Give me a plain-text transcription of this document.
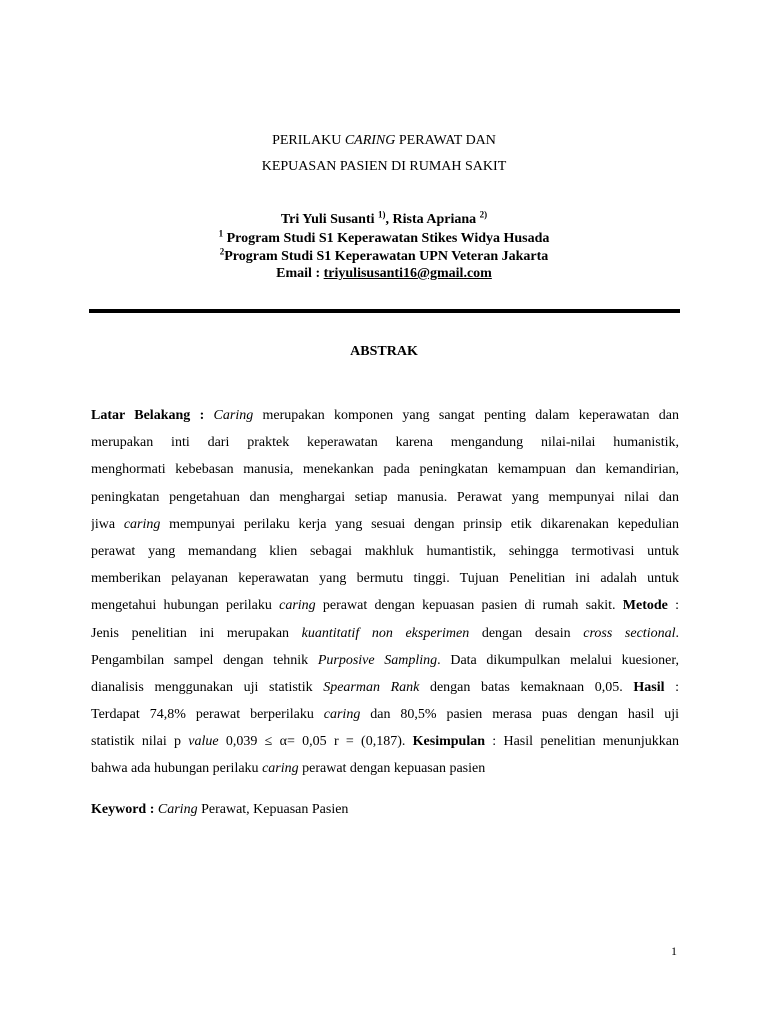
PERILAKU CARING PERAWAT DAN
KEPUASAN PASIEN DI RUMAH SAKIT
Tri Yuli Susanti $^{1)}$, Rista Apriana $^{2)}$
$^1$ Program Studi S1 Keperawatan Stikes Widya Husada
$^2$Program Studi S1 Keperawatan UPN Veteran Jakarta
Email : triyulisusanti16@gmail.com
ABSTRAK
Latar Belakang : Caring merupakan komponen yang sangat penting dalam keperawatan dan
merupakan inti dari praktek keperawatan karena mengandung nilai-nilai humanistik,
menghormati kebebasan manusia, menekankan pada peningkatan kemampuan dan kemandirian,
peningkatan pengetahuan dan menghargai setiap manusia. Perawat yang mempunyai nilai dan
jiwa caring mempunyai perilaku kerja yang sesuai dengan prinsip etik dikarenakan kepedulian
perawat yang memandang klien sebagai makhluk humantistik, sehingga termotivasi untuk
memberikan pelayanan keperawatan yang bermutu tinggi. Tujuan Penelitian ini adalah untuk
mengetahui hubungan perilaku caring perawat dengan kepuasan pasien di rumah sakit. Metode :
Jenis penelitian ini merupakan kuantitatif non eksperimen dengan desain cross sectional.
Pengambilan sampel dengan tehnik Purposive Sampling. Data dikumpulkan melalui kuesioner,
dianalisis menggunakan uji statistik Spearman Rank dengan batas kemaknaan 0,05. Hasil :
Terdapat 74,8% perawat berperilaku caring dan 80,5% pasien merasa puas dengan hasil uji
statistik nilai p value 0,039 ≤ α= 0,05 r = (0,187). Kesimpulan : Hasil penelitian menunjukkan
bahwa ada hubungan perilaku caring perawat dengan kepuasan pasien
Keyword : Caring Perawat, Kepuasan Pasien
1
